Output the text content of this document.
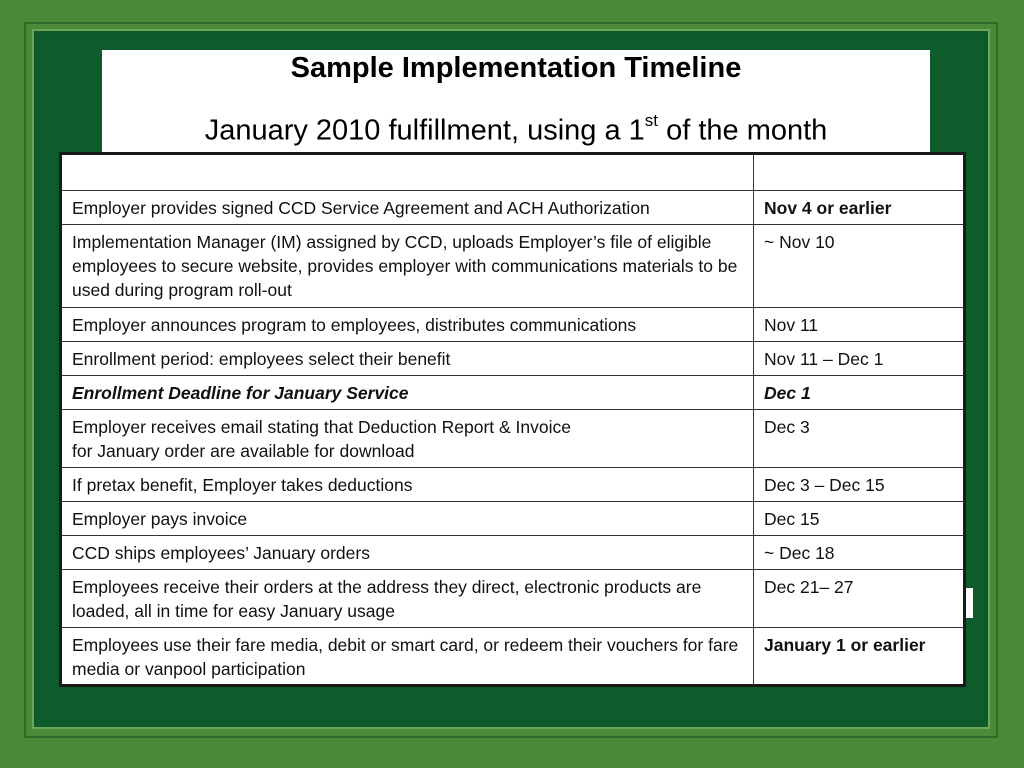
Sample Implementation Timeline
January 2010 fulfillment, using a 1st of the month

Employer provides signed CCD Service Agreement and ACH Authorization	Nov 4 or earlier
Implementation Manager (IM) assigned by CCD, uploads Employer’s file of eligible employees to secure website, provides employer with communications materials to be used during program roll-out	~ Nov 10
Employer announces program to employees, distributes communications	Nov 11
Enrollment period: employees select their benefit	Nov 11 – Dec 1
Enrollment Deadline for January Service	Dec 1
Employer receives email stating that Deduction Report & Invoice
for January order are available for download	Dec 3
If pretax benefit, Employer takes deductions	Dec 3 – Dec 15
Employer pays invoice	Dec 15
CCD ships employees’ January orders	~ Dec 18
Employees receive their orders at the address they direct, electronic products are loaded, all in time for easy January usage	Dec 21– 27
Employees use their fare media, debit or smart card, or redeem their vouchers for fare media or vanpool participation	January 1 or earlier
